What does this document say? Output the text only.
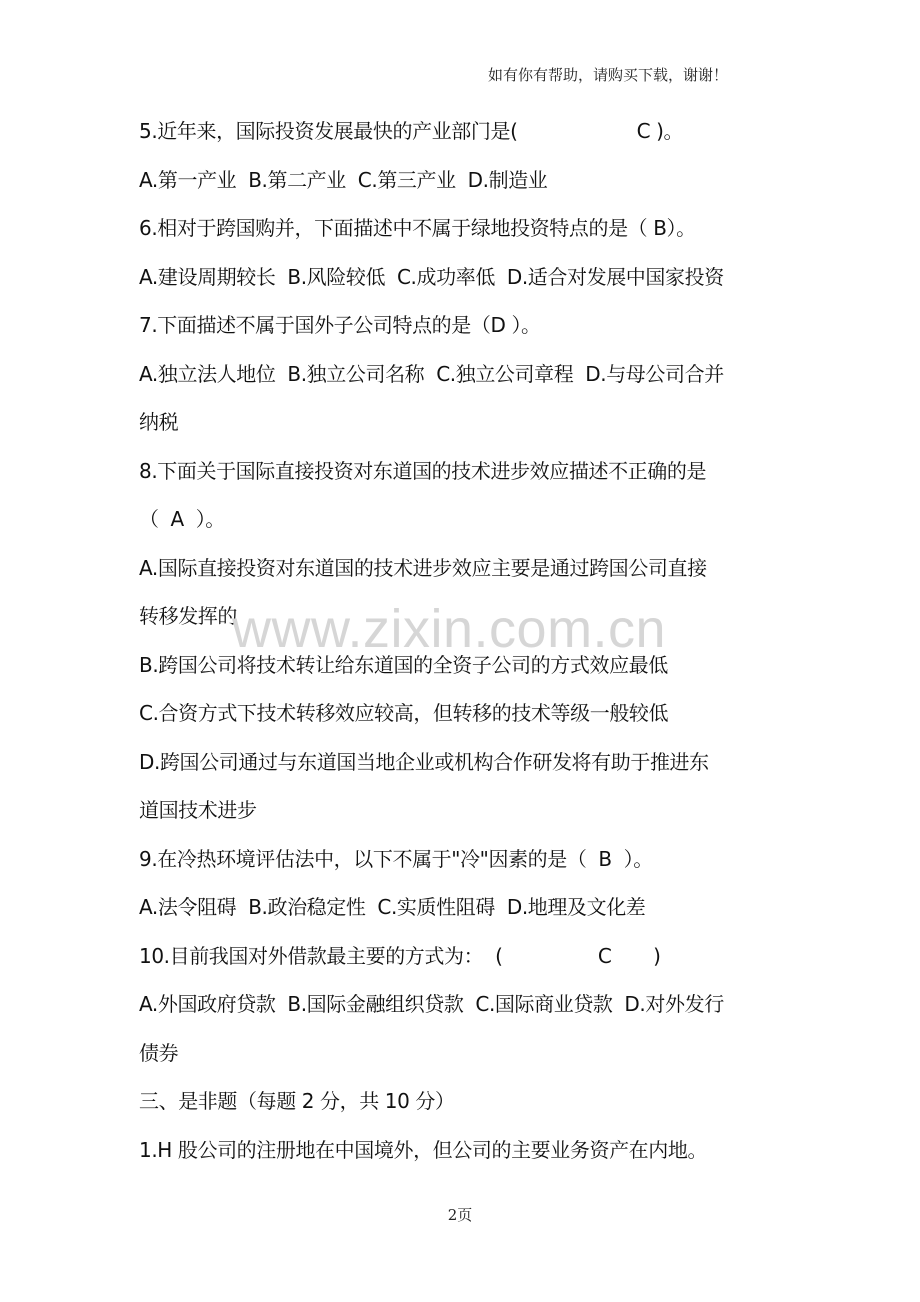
如有你有帮助，请购买下载，谢谢！
5.近年来，国际投资发展最快的产业部门是(                    C )。
A.第一产业  B.第二产业  C.第三产业  D.制造业
6.相对于跨国购并，下面描述中不属于绿地投资特点的是（ B）。
A.建设周期较长  B.风险较低  C.成功率低  D.适合对发展中国家投资
7.下面描述不属于国外子公司特点的是（D ）。
A.独立法人地位  B.独立公司名称  C.独立公司章程  D.与母公司合并
纳税
8.下面关于国际直接投资对东道国的技术进步效应描述不正确的是
（  A  ）。
A.国际直接投资对东道国的技术进步效应主要是通过跨国公司直接
转移发挥的
B.跨国公司将技术转让给东道国的全资子公司的方式效应最低
C.合资方式下技术转移效应较高，但转移的技术等级一般较低
D.跨国公司通过与东道国当地企业或机构合作研发将有助于推进东
道国技术进步
9.在冷热环境评估法中，以下不属于"冷"因素的是（  B  ）。
A.法令阻碍  B.政治稳定性  C.实质性阻碍  D.地理及文化差
10.目前我国对外借款最主要的方式为：  (                C       )
A.外国政府贷款  B.国际金融组织贷款  C.国际商业贷款  D.对外发行
债券
三、是非题（每题 2 分，共 10 分）
1.H 股公司的注册地在中国境外，但公司的主要业务资产在内地。
www.zixin.com.cn
2页
